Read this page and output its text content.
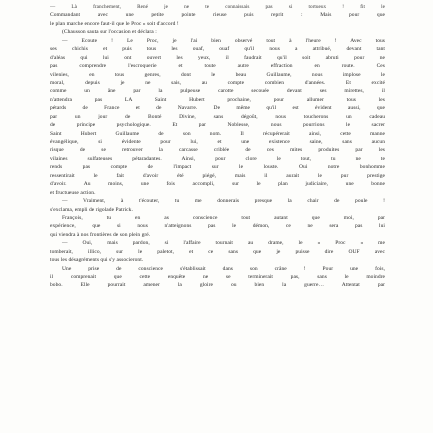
— Là franchement, René je ne te connaissais pas si tortueux ! fit le
Commandant avec une petite pointe rieuse puis reprit : Mais pour que
le plan marche encore faut-il que le Proc » soit d'accord !
(Chausson sauta sur l'occasion et déclara :
— Ecoute ! Le Proc, je l'ai bien observé tout à l'heure ! Avec tous
ses chichis et puis tous les ouaf, ouaf qu'il nous a attribué, devant tant
d'aléas qui lui ont ouvert les yeux, il faudrait qu'il soit abruti pour ne
pas comprendre l'escroquerie et toute autre effraction en route. Ces
vilenies, en tous genres, dont le beau Guillaume, nous implose le
moral, depuis je ne sais, au compte combien d'années. Et excité
comme un âne par la pulpeuse carotte secouée devant ses mirettes, il
n'attendra pas LA Saint Hubert prochaine, pour allumer tous les
pétards de France et de Navarre. De même qu'il est évident aussi, que
par un jour de Bonté Divine, sans dégoût, nous toucherons un cadeau
de principe psychologique. Et par Noblesse, nous pourrions le sacrer
Saint Hubert Guillaume de son nom. Il récupérerait ainsi, cette manne
évangélique, si évidente pour lui, et une existence saine, sans aucun
risque de se retrouver la carcasse criblée de ces mites produites par les
vilaines sulfateuses pétaradantes. Ainsi, pour clore le tout, tu ne te
rends pas compte de l'impact sur le louste. Oui notre bonhomme
ressentirait le fait d'avoir été piégé, mais il aurait le pur prestige
d'avoir. Au moins, une fois accompli, sur le plan judiciaire, une bonne
et fructueuse action.
— Vraiment, à t'écouter, tu me donnerais presque la chair de poule !
s'exclama, empli de rigolade Patrick.
François, tu en as conscience tout autant que moi, par
expérience, que si nous n'atteignons pas le démon, ce ne sera pas lui
qui viendra à nos frontières de son plein gré.
— Oui, mais pardon, si l'affaire tournait au drame, le « Proc » me
tomberait, illico, sur le paletot, et ce sans que je puisse dire OUF avec
tous les désagréments qui s'y associeront.
Une prise de conscience s'établissait dans son crâne ! Pour une fois,
il comprenait que cette enquête ne se terminerait pas, sans le moindre
bobo. Elle pourrait amener la gloire ou bien la guerre… Attentat par
